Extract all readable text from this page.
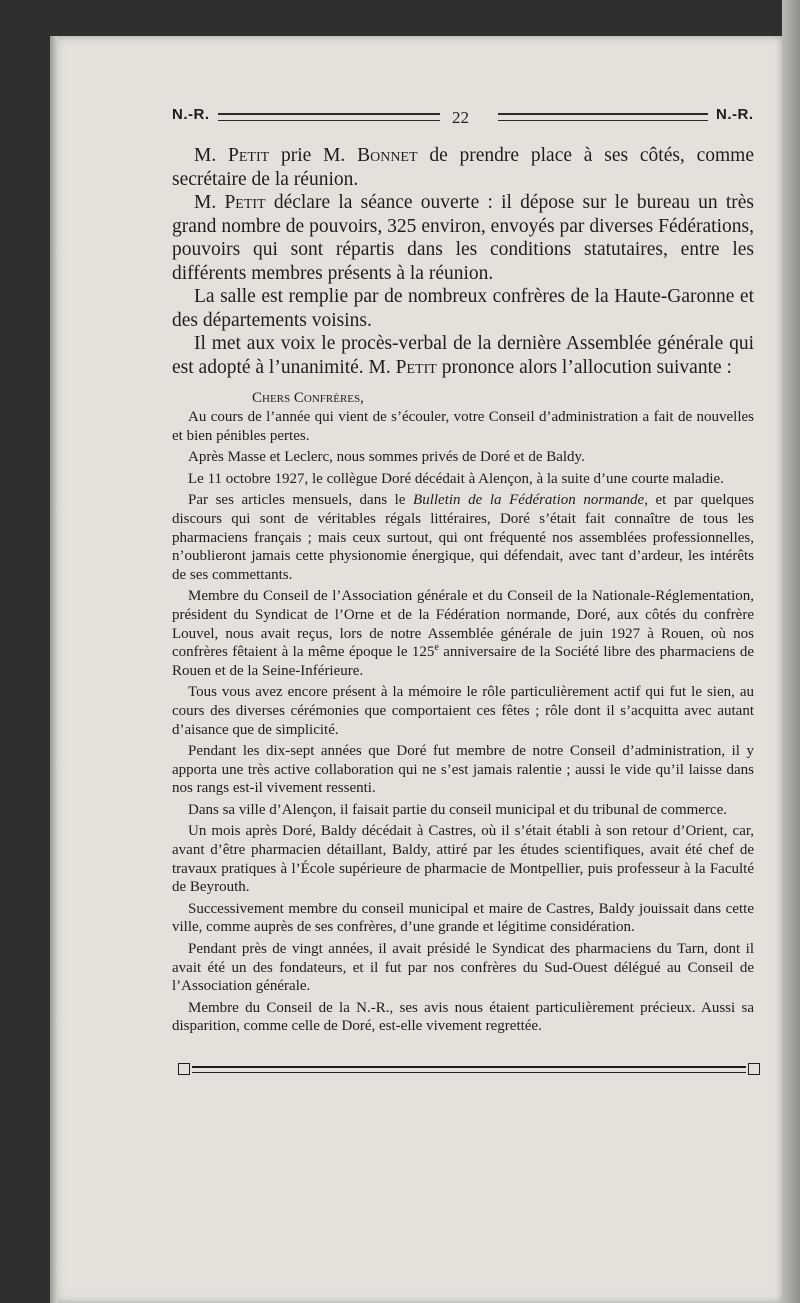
N.-R.	22	N.-R.

M. Petit prie M. Bonnet de prendre place à ses côtés, comme secrétaire de la réunion.

M. Petit déclare la séance ouverte : il dépose sur le bureau un très grand nombre de pouvoirs, 325 environ, envoyés par diverses Fédérations, pouvoirs qui sont répartis dans les conditions statutaires, entre les différents membres présents à la réunion.

La salle est remplie par de nombreux confrères de la Haute-Garonne et des départements voisins.

Il met aux voix le procès-verbal de la dernière Assemblée générale qui est adopté à l’unanimité. M. Petit prononce alors l’allocution suivante :

Chers Confrères,

Au cours de l’année qui vient de s’écouler, votre Conseil d’administration a fait de nouvelles et bien pénibles pertes.

Après Masse et Leclerc, nous sommes privés de Doré et de Baldy.

Le 11 octobre 1927, le collègue Doré décédait à Alençon, à la suite d’une courte maladie.

Par ses articles mensuels, dans le Bulletin de la Fédération normande, et par quelques discours qui sont de véritables régals littéraires, Doré s’était fait connaître de tous les pharmaciens français ; mais ceux surtout, qui ont fréquenté nos assemblées professionnelles, n’oublieront jamais cette physionomie énergique, qui défendait, avec tant d’ardeur, les intérêts de ses commettants.

Membre du Conseil de l’Association générale et du Conseil de la Nationale-Réglementation, président du Syndicat de l’Orne et de la Fédération normande, Doré, aux côtés du confrère Louvel, nous avait reçus, lors de notre Assemblée générale de juin 1927 à Rouen, où nos confrères fêtaient à la même époque le 125e anniversaire de la Société libre des pharmaciens de Rouen et de la Seine-Inférieure.

Tous vous avez encore présent à la mémoire le rôle particulièrement actif qui fut le sien, au cours des diverses cérémonies que comportaient ces fêtes ; rôle dont il s’acquitta avec autant d’aisance que de simplicité.

Pendant les dix-sept années que Doré fut membre de notre Conseil d’administration, il y apporta une très active collaboration qui ne s’est jamais ralentie ; aussi le vide qu’il laisse dans nos rangs est-il vivement ressenti.

Dans sa ville d’Alençon, il faisait partie du conseil municipal et du tribunal de commerce.

Un mois après Doré, Baldy décédait à Castres, où il s’était établi à son retour d’Orient, car, avant d’être pharmacien détaillant, Baldy, attiré par les études scientifiques, avait été chef de travaux pratiques à l’École supérieure de pharmacie de Montpellier, puis professeur à la Faculté de Beyrouth.

Successivement membre du conseil municipal et maire de Castres, Baldy jouissait dans cette ville, comme auprès de ses confrères, d’une grande et légitime considération.

Pendant près de vingt années, il avait présidé le Syndicat des pharmaciens du Tarn, dont il avait été un des fondateurs, et il fut par nos confrères du Sud-Ouest délégué au Conseil de l’Association générale.

Membre du Conseil de la N.-R., ses avis nous étaient particulièrement précieux. Aussi sa disparition, comme celle de Doré, est-elle vivement regrettée.
